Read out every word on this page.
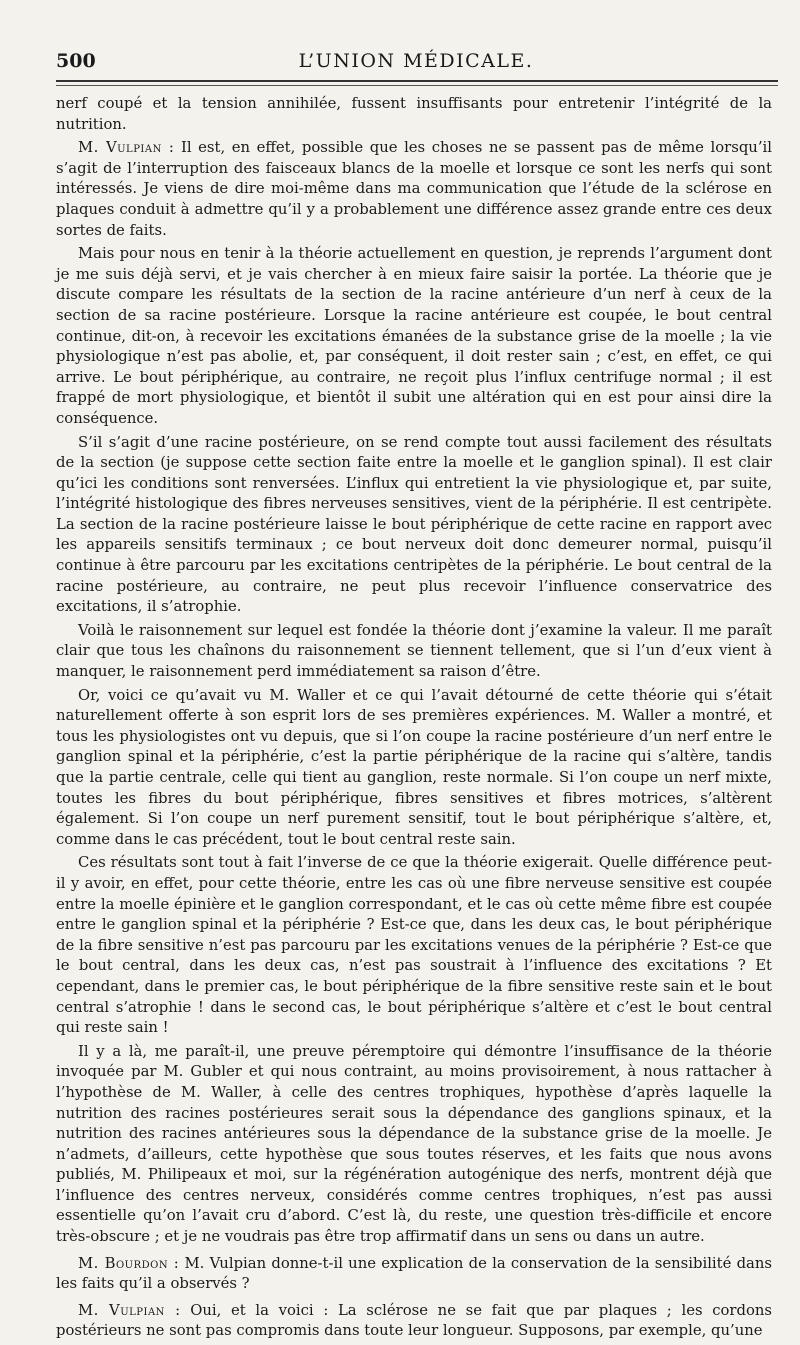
500	L’UNION MÉDICALE.

nerf coupé et la tension annihilée, fussent insuffisants pour entretenir l’intégrité de la nutrition.

M. Vulpian : Il est, en effet, possible que les choses ne se passent pas de même lorsqu’il s’agit de l’interruption des faisceaux blancs de la moelle et lorsque ce sont les nerfs qui sont intéressés. Je viens de dire moi-même dans ma communication que l’étude de la sclérose en plaques conduit à admettre qu’il y a probablement une différence assez grande entre ces deux sortes de faits.

Mais pour nous en tenir à la théorie actuellement en question, je reprends l’argument dont je me suis déjà servi, et je vais chercher à en mieux faire saisir la portée. La théorie que je discute compare les résultats de la section de la racine antérieure d’un nerf à ceux de la section de sa racine postérieure. Lorsque la racine antérieure est coupée, le bout central continue, dit-on, à recevoir les excitations émanées de la substance grise de la moelle ; la vie physiologique n’est pas abolie, et, par conséquent, il doit rester sain ; c’est, en effet, ce qui arrive. Le bout périphérique, au contraire, ne reçoit plus l’influx centrifuge normal ; il est frappé de mort physiologique, et bientôt il subit une altération qui en est pour ainsi dire la conséquence.

S’il s’agit d’une racine postérieure, on se rend compte tout aussi facilement des résultats de la section (je suppose cette section faite entre la moelle et le ganglion spinal). Il est clair qu’ici les conditions sont renversées. L’influx qui entretient la vie physiologique et, par suite, l’intégrité histologique des fibres nerveuses sensitives, vient de la périphérie. Il est centripète. La section de la racine postérieure laisse le bout périphérique de cette racine en rapport avec les appareils sensitifs terminaux ; ce bout nerveux doit donc demeurer normal, puisqu’il continue à être parcouru par les excitations centripètes de la périphérie. Le bout central de la racine postérieure, au contraire, ne peut plus recevoir l’influence conservatrice des excitations, il s’atrophie.

Voilà le raisonnement sur lequel est fondée la théorie dont j’examine la valeur. Il me paraît clair que tous les chaînons du raisonnement se tiennent tellement, que si l’un d’eux vient à manquer, le raisonnement perd immédiatement sa raison d’être.

Or, voici ce qu’avait vu M. Waller et ce qui l’avait détourné de cette théorie qui s’était naturellement offerte à son esprit lors de ses premières expériences. M. Waller a montré, et tous les physiologistes ont vu depuis, que si l’on coupe la racine postérieure d’un nerf entre le ganglion spinal et la périphérie, c’est la partie périphérique de la racine qui s’altère, tandis que la partie centrale, celle qui tient au ganglion, reste normale. Si l’on coupe un nerf mixte, toutes les fibres du bout périphérique, fibres sensitives et fibres motrices, s’altèrent également. Si l’on coupe un nerf purement sensitif, tout le bout périphérique s’altère, et, comme dans le cas précédent, tout le bout central reste sain.

Ces résultats sont tout à fait l’inverse de ce que la théorie exigerait. Quelle différence peut-il y avoir, en effet, pour cette théorie, entre les cas où une fibre nerveuse sensitive est coupée entre la moelle épinière et le ganglion correspondant, et le cas où cette même fibre est coupée entre le ganglion spinal et la périphérie ? Est-ce que, dans les deux cas, le bout périphérique de la fibre sensitive n’est pas parcouru par les excitations venues de la périphérie ? Est-ce que le bout central, dans les deux cas, n’est pas soustrait à l’influence des excitations ? Et cependant, dans le premier cas, le bout périphérique de la fibre sensitive reste sain et le bout central s’atrophie ! dans le second cas, le bout périphérique s’altère et c’est le bout central qui reste sain !

Il y a là, me paraît-il, une preuve péremptoire qui démontre l’insuffisance de la théorie invoquée par M. Gubler et qui nous contraint, au moins provisoirement, à nous rattacher à l’hypothèse de M. Waller, à celle des centres trophiques, hypothèse d’après laquelle la nutrition des racines postérieures serait sous la dépendance des ganglions spinaux, et la nutrition des racines antérieures sous la dépendance de la substance grise de la moelle. Je n’admets, d’ailleurs, cette hypothèse que sous toutes réserves, et les faits que nous avons publiés, M. Philipeaux et moi, sur la régénération autogénique des nerfs, montrent déjà que l’influence des centres nerveux, considérés comme centres trophiques, n’est pas aussi essentielle qu’on l’avait cru d’abord. C’est là, du reste, une question très-difficile et encore très-obscure ; et je ne voudrais pas être trop affirmatif dans un sens ou dans un autre.

M. Bourdon : M. Vulpian donne-t-il une explication de la conservation de la sensibilité dans les faits qu’il a observés ?

M. Vulpian : Oui, et la voici : La sclérose ne se fait que par plaques ; les cordons postérieurs ne sont pas compromis dans toute leur longueur. Supposons, par exemple, qu’une
